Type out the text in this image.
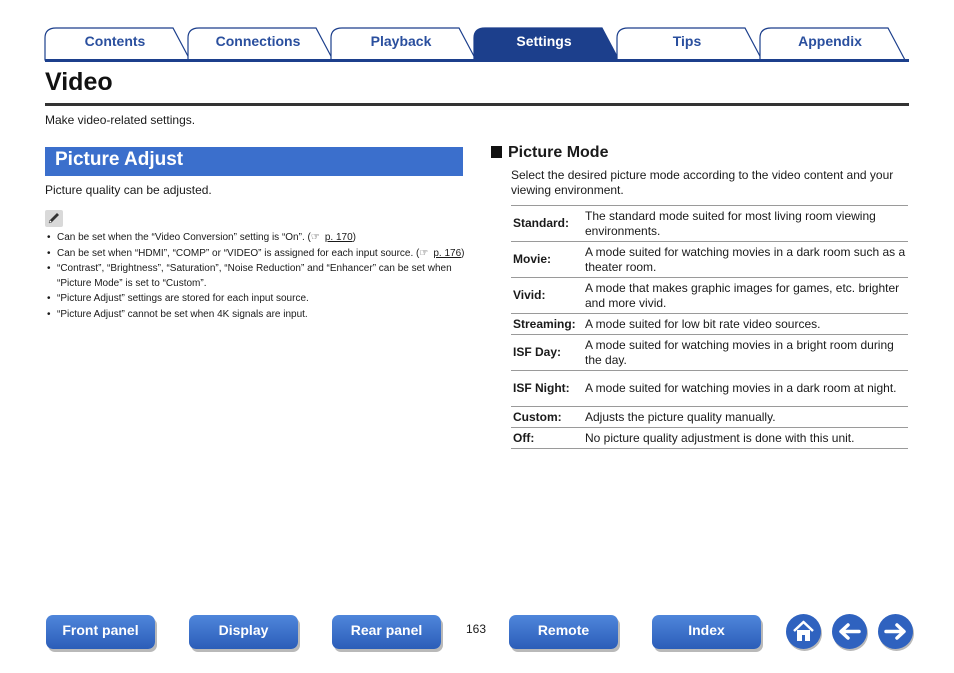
Contents	Connections	Playback	Settings	Tips	Appendix
Video
Make video-related settings.
Picture Adjust
Picture quality can be adjusted.
• Can be set when the “Video Conversion” setting is “On”. (☞ p. 170)
• Can be set when “HDMI”, “COMP” or “VIDEO” is assigned for each input source. (☞ p. 176)
• “Contrast”, “Brightness”, “Saturation”, “Noise Reduction” and “Enhancer” can be set when “Picture Mode” is set to “Custom”.
• “Picture Adjust” settings are stored for each input source.
• “Picture Adjust” cannot be set when 4K signals are input.
Picture Mode
Select the desired picture mode according to the video content and your viewing environment.
Standard:	The standard mode suited for most living room viewing environments.
Movie:	A mode suited for watching movies in a dark room such as a theater room.
Vivid:	A mode that makes graphic images for games, etc. brighter and more vivid.
Streaming:	A mode suited for low bit rate video sources.
ISF Day:	A mode suited for watching movies in a bright room during the day.
ISF Night:	A mode suited for watching movies in a dark room at night.
Custom:	Adjusts the picture quality manually.
Off:	No picture quality adjustment is done with this unit.
Front panel	Display	Rear panel	163	Remote	Index
